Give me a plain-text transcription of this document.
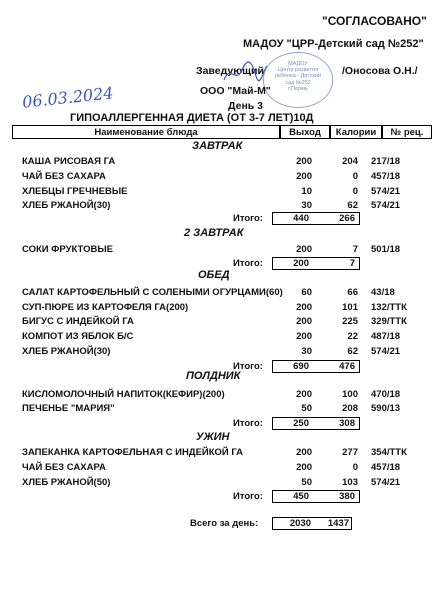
"СОГЛАСОВАНО"
МАДОУ "ЦРР-Детский сад №252"
Заведующий
МАДОУ
Центр развития
ребенка - Детский
сад №252
г.Пермь
/Оносова О.Н./
06.03.2024	ООО "Май-М"
День 3
ГИПОАЛЛЕРГЕННАЯ ДИЕТА (ОТ 3-7 ЛЕТ)10Д
Наименование блюда	Выход	Калории	№ рец.
ЗАВТРАК
КАША РИСОВАЯ ГА	200	204 217/18
ЧАЙ БЕЗ САХАРА	200	0 457/18
ХЛЕБЦЫ ГРЕЧНЕВЫЕ	10	0 574/21
ХЛЕБ РЖАНОЙ(30)	30	62 574/21
Итого:	440	266
2 ЗАВТРАК
СОКИ ФРУКТОВЫЕ	200	7 501/18
Итого:	200	7
ОБЕД
САЛАТ КАРТОФЕЛЬНЫЙ С СОЛЕНЫМИ ОГУРЦАМИ(60)	60	66 43/18
СУП-ПЮРЕ ИЗ КАРТОФЕЛЯ ГА(200)	200	101 132/ТТК
БИГУС С ИНДЕЙКОЙ ГА	200	225 329/ТТК
КОМПОТ ИЗ ЯБЛОК Б/С	200	22 487/18
ХЛЕБ РЖАНОЙ(30)	30	62 574/21
Итого:	690	476
ПОЛДНИК
КИСЛОМОЛОЧНЫЙ НАПИТОК(КЕФИР)(200)	200	100 470/18
ПЕЧЕНЬЕ "МАРИЯ"	50	208 590/13
Итого:	250	308
УЖИН
ЗАПЕКАНКА КАРТОФЕЛЬНАЯ С ИНДЕЙКОЙ ГА	200	277 354/ТТК
ЧАЙ БЕЗ САХАРА	200	0 457/18
ХЛЕБ РЖАНОЙ(50)	50	103 574/21
Итого:	450	380
Всего за день:	2030	1437
